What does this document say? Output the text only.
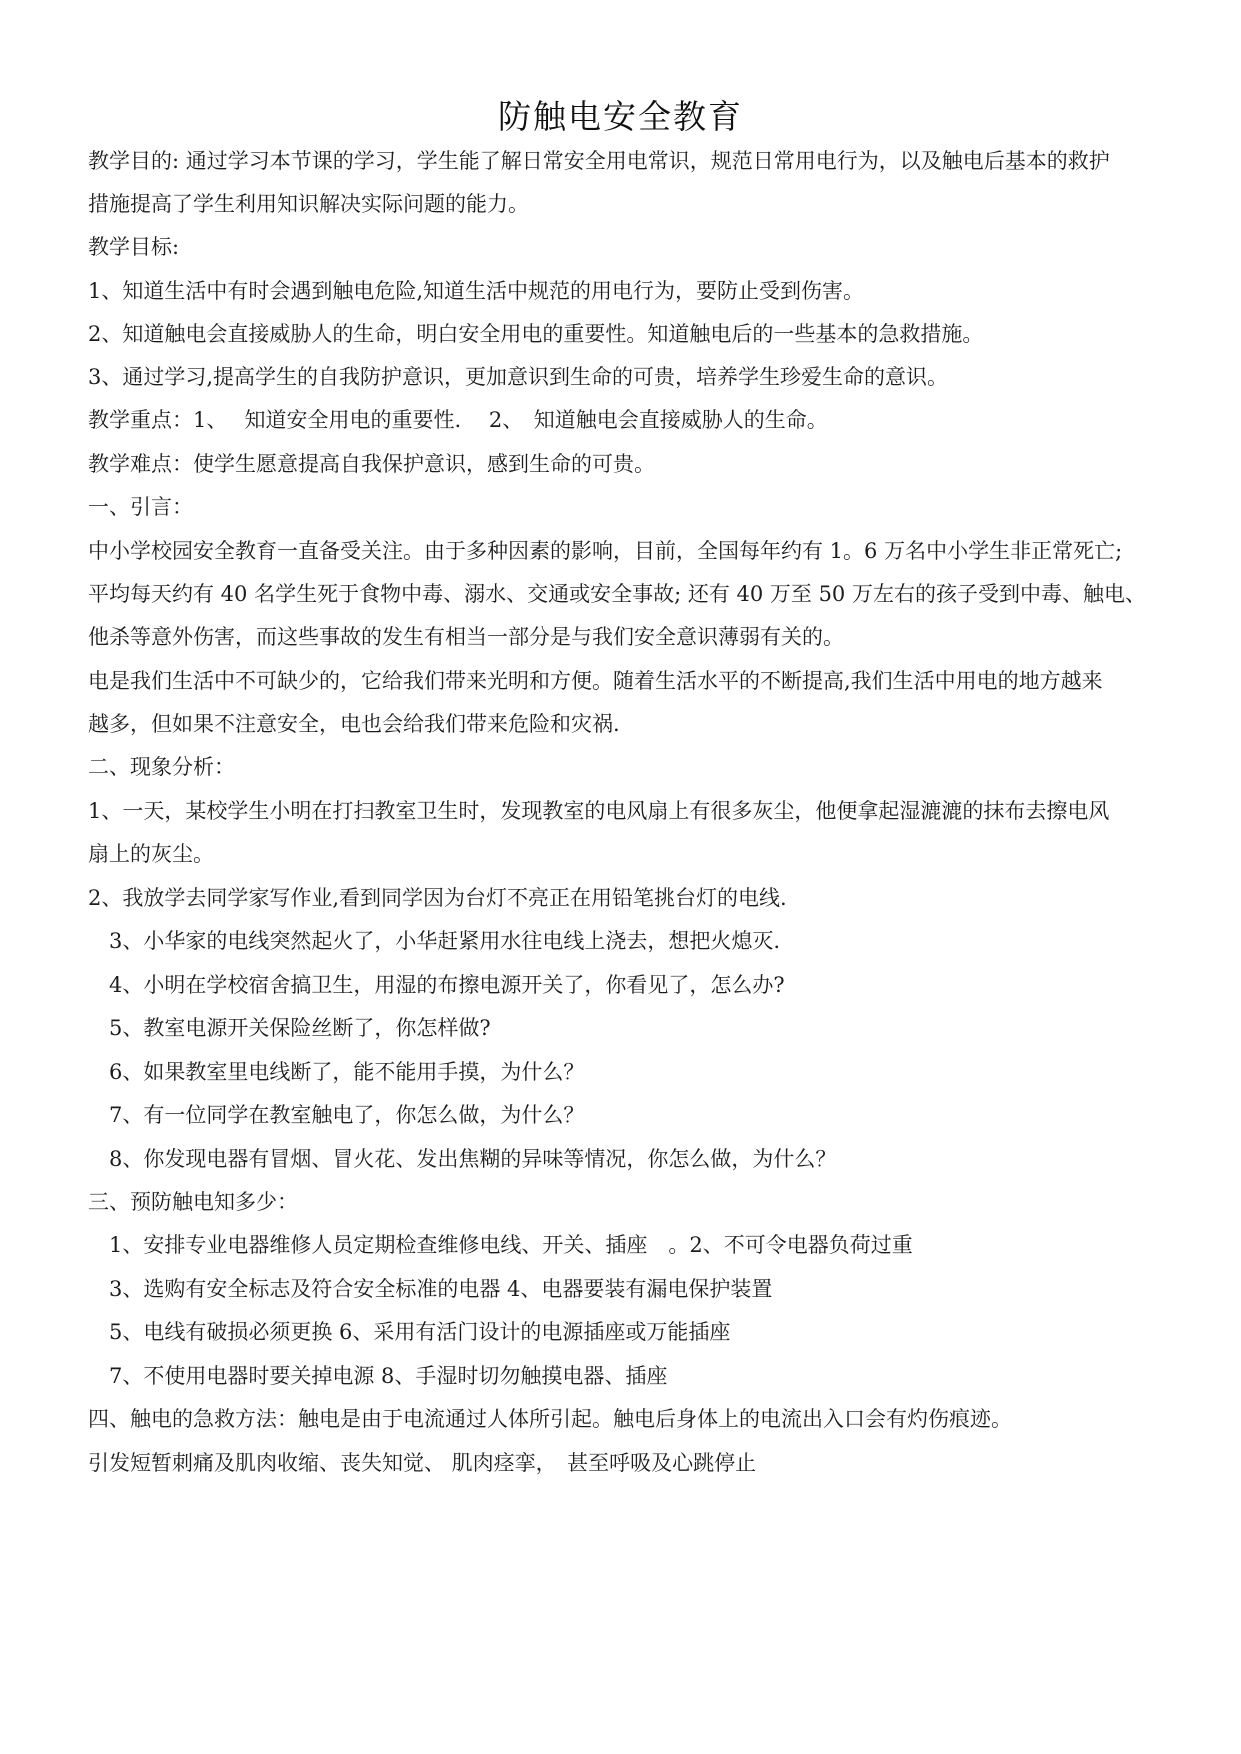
防触电安全教育
教学目的: 通过学习本节课的学习，学生能了解日常安全用电常识，规范日常用电行为，以及触电后基本的救护
措施提高了学生利用知识解决实际问题的能力。
教学目标:
1、知道生活中有时会遇到触电危险,知道生活中规范的用电行为，要防止受到伤害。
2、知道触电会直接威胁人的生命，明白安全用电的重要性。知道触电后的一些基本的急救措施。
3、通过学习,提高学生的自我防护意识，更加意识到生命的可贵，培养学生珍爱生命的意识。
教学重点：1、　 知道安全用电的重要性.　 2、　知道触电会直接威胁人的生命。
教学难点：使学生愿意提高自我保护意识，感到生命的可贵。
一、引言：
中小学校园安全教育一直备受关注。由于多种因素的影响，目前，全国每年约有 1。6 万名中小学生非正常死亡;
平均每天约有 40 名学生死于食物中毒、溺水、交通或安全事故; 还有 40 万至 50 万左右的孩子受到中毒、触电、
他杀等意外伤害，而这些事故的发生有相当一部分是与我们安全意识薄弱有关的。
电是我们生活中不可缺少的，它给我们带来光明和方便。随着生活水平的不断提高,我们生活中用电的地方越来
越多，但如果不注意安全，电也会给我们带来危险和灾祸.
二、现象分析：
1、一天，某校学生小明在打扫教室卫生时，发现教室的电风扇上有很多灰尘，他便拿起湿漉漉的抹布去擦电风
扇上的灰尘。
2、我放学去同学家写作业,看到同学因为台灯不亮正在用铅笔挑台灯的电线.
3、小华家的电线突然起火了，小华赶紧用水往电线上浇去，想把火熄灭.
4、小明在学校宿舍搞卫生，用湿的布擦电源开关了，你看见了，怎么办?
5、教室电源开关保险丝断了，你怎样做?
6、如果教室里电线断了，能不能用手摸，为什么？
7、有一位同学在教室触电了，你怎么做，为什么？
8、你发现电器有冒烟、冒火花、发出焦糊的异味等情况，你怎么做，为什么？
三、预防触电知多少：
1、安排专业电器维修人员定期检查维修电线、开关、插座　。2、不可令电器负荷过重
3、选购有安全标志及符合安全标准的电器 4、电器要装有漏电保护装置
5、电线有破损必须更换 6、采用有活门设计的电源插座或万能插座
7、不使用电器时要关掉电源 8、手湿时切勿触摸电器、插座
四、触电的急救方法：触电是由于电流通过人体所引起。触电后身体上的电流出入口会有灼伤痕迹。
引发短暂刺痛及肌肉收缩、丧失知觉、 肌肉痉挛，　甚至呼吸及心跳停止
